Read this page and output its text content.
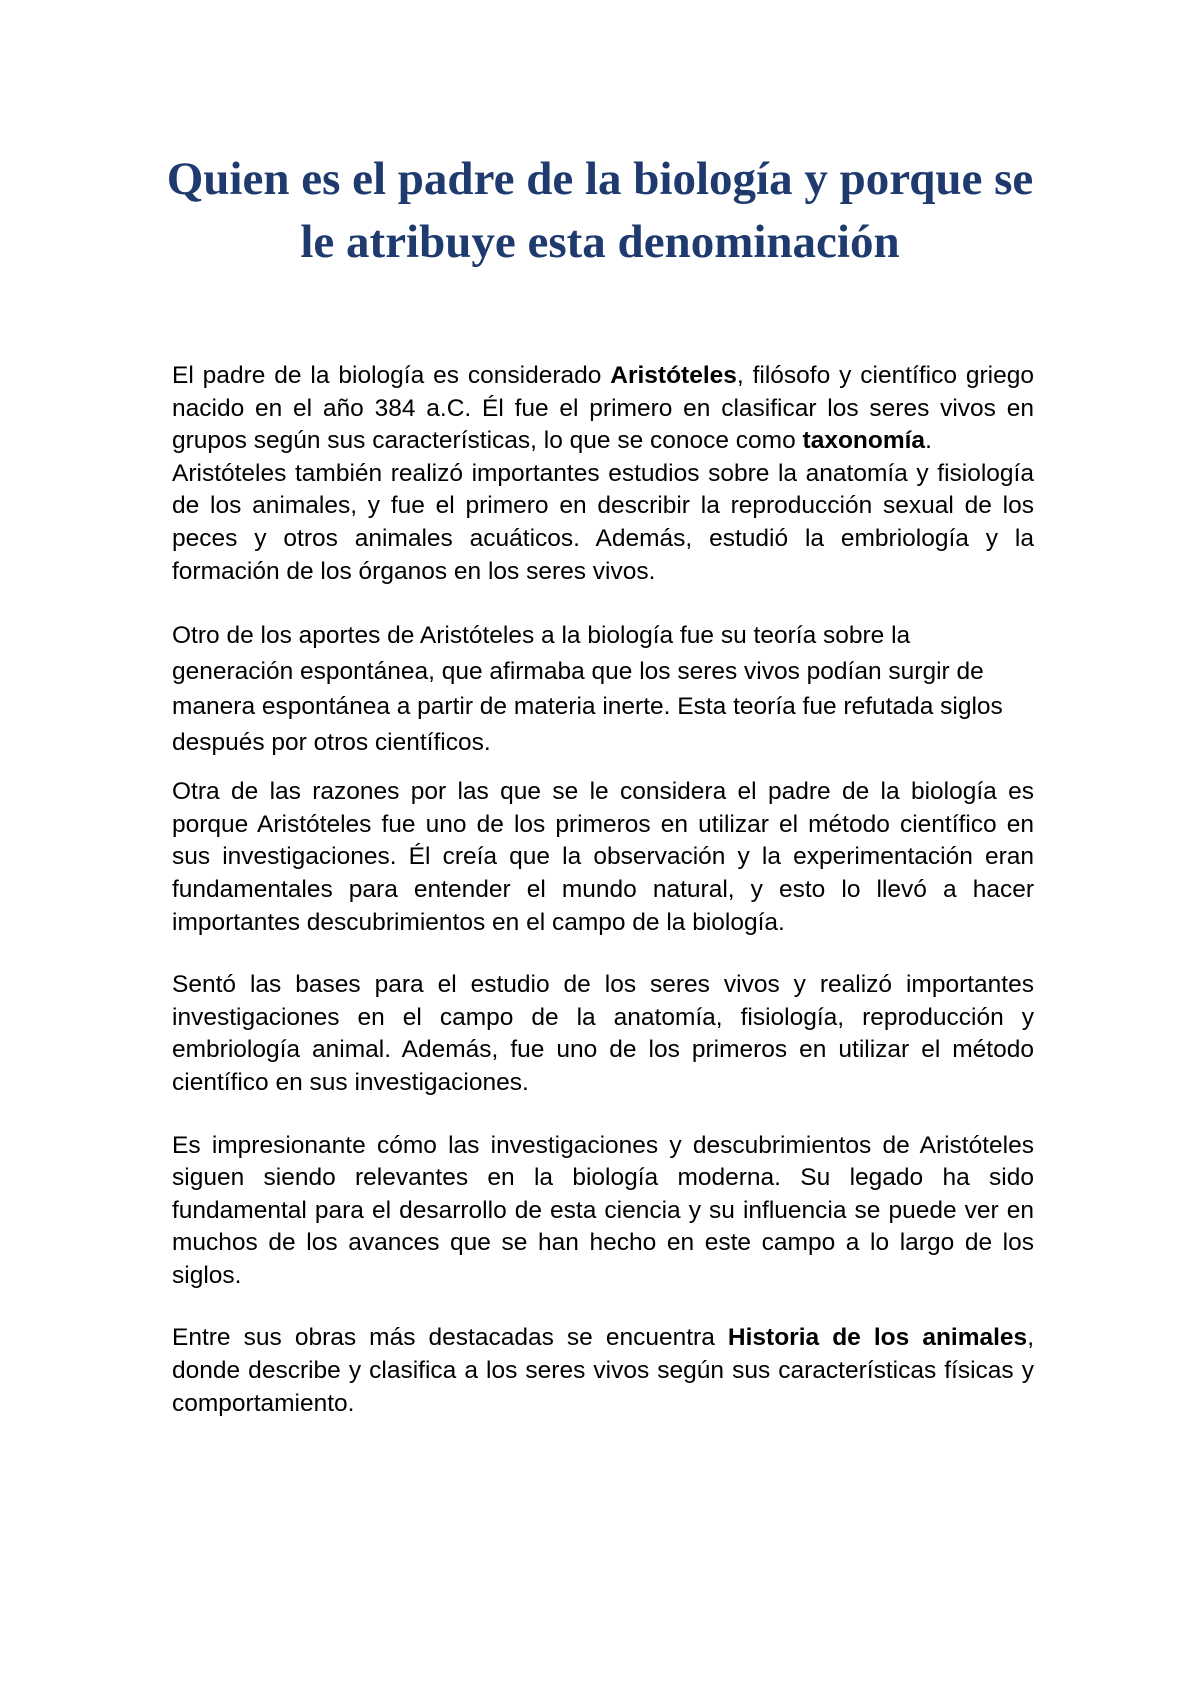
Quien es el padre de la biología y porque se le atribuye esta denominación

El padre de la biología es considerado Aristóteles, filósofo y científico griego nacido en el año 384 a.C. Él fue el primero en clasificar los seres vivos en grupos según sus características, lo que se conoce como taxonomía.

Aristóteles también realizó importantes estudios sobre la anatomía y fisiología de los animales, y fue el primero en describir la reproducción sexual de los peces y otros animales acuáticos. Además, estudió la embriología y la formación de los órganos en los seres vivos.

Otro de los aportes de Aristóteles a la biología fue su teoría sobre la generación espontánea, que afirmaba que los seres vivos podían surgir de manera espontánea a partir de materia inerte. Esta teoría fue refutada siglos después por otros científicos.

Otra de las razones por las que se le considera el padre de la biología es porque Aristóteles fue uno de los primeros en utilizar el método científico en sus investigaciones. Él creía que la observación y la experimentación eran fundamentales para entender el mundo natural, y esto lo llevó a hacer importantes descubrimientos en el campo de la biología.

Sentó las bases para el estudio de los seres vivos y realizó importantes investigaciones en el campo de la anatomía, fisiología, reproducción y embriología animal. Además, fue uno de los primeros en utilizar el método científico en sus investigaciones.

Es impresionante cómo las investigaciones y descubrimientos de Aristóteles siguen siendo relevantes en la biología moderna. Su legado ha sido fundamental para el desarrollo de esta ciencia y su influencia se puede ver en muchos de los avances que se han hecho en este campo a lo largo de los siglos.

Entre sus obras más destacadas se encuentra Historia de los animales, donde describe y clasifica a los seres vivos según sus características físicas y comportamiento.
